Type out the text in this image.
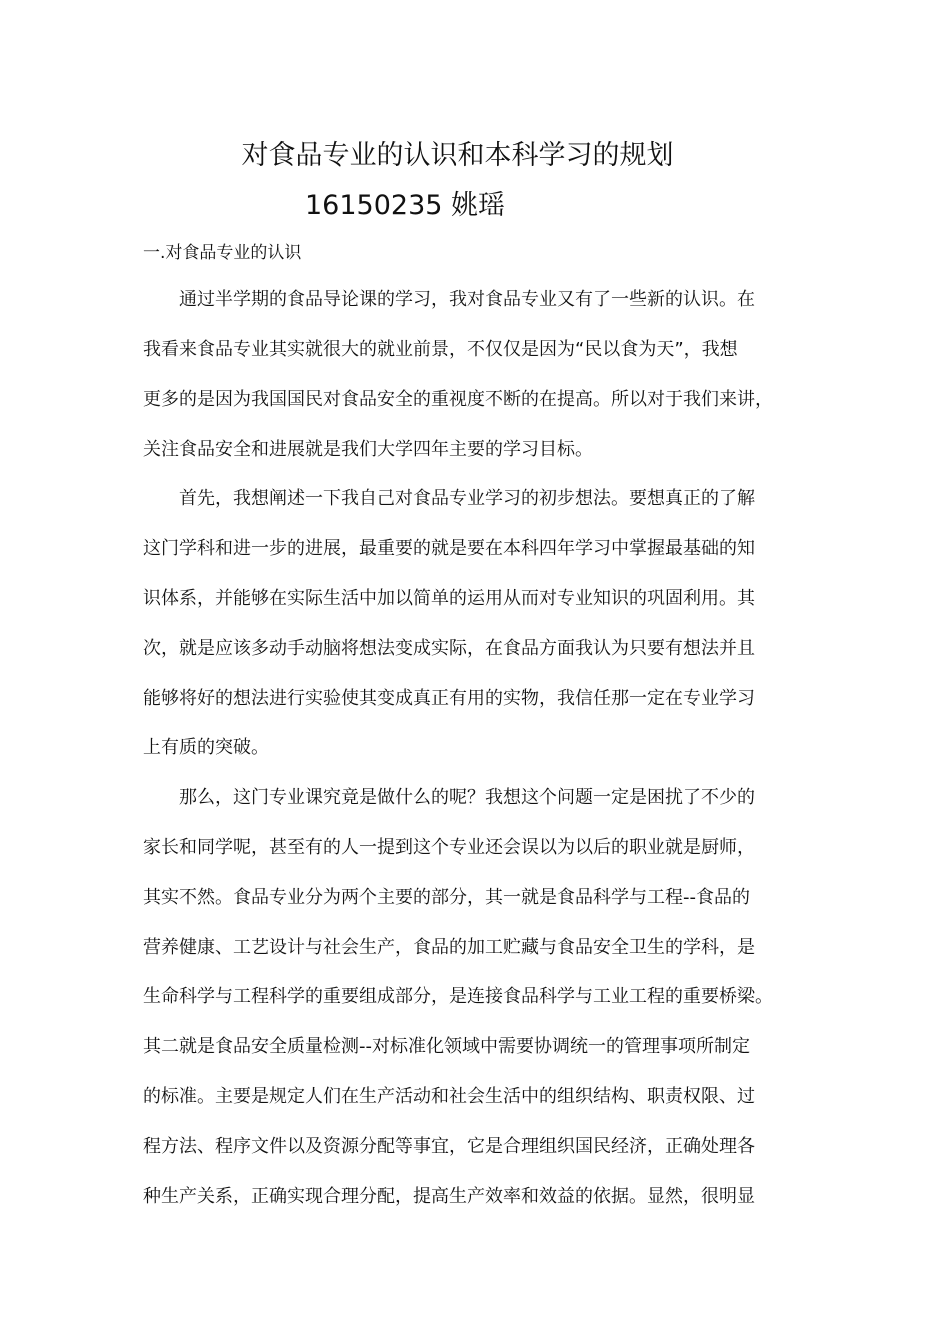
对食品专业的认识和本科学习的规划
16150235 姚瑶
一.对食品专业的认识
　　通过半学期的食品导论课的学习，我对食品专业又有了一些新的认识。在
我看来食品专业其实就很大的就业前景，不仅仅是因为“民以食为天”，我想
更多的是因为我国国民对食品安全的重视度不断的在提高。所以对于我们来讲，
关注食品安全和进展就是我们大学四年主要的学习目标。
　　首先，我想阐述一下我自己对食品专业学习的初步想法。要想真正的了解
这门学科和进一步的进展，最重要的就是要在本科四年学习中掌握最基础的知
识体系，并能够在实际生活中加以简单的运用从而对专业知识的巩固利用。其
次，就是应该多动手动脑将想法变成实际，在食品方面我认为只要有想法并且
能够将好的想法进行实验使其变成真正有用的实物，我信任那一定在专业学习
上有质的突破。
　　那么，这门专业课究竟是做什么的呢？我想这个问题一定是困扰了不少的
家长和同学呢，甚至有的人一提到这个专业还会误以为以后的职业就是厨师，
其实不然。食品专业分为两个主要的部分，其一就是食品科学与工程--食品的
营养健康、工艺设计与社会生产，食品的加工贮藏与食品安全卫生的学科，是
生命科学与工程科学的重要组成部分，是连接食品科学与工业工程的重要桥梁。
其二就是食品安全质量检测--对标准化领域中需要协调统一的管理事项所制定
的标准。主要是规定人们在生产活动和社会生活中的组织结构、职责权限、过
程方法、程序文件以及资源分配等事宜，它是合理组织国民经济，正确处理各
种生产关系，正确实现合理分配，提高生产效率和效益的依据。显然，很明显
